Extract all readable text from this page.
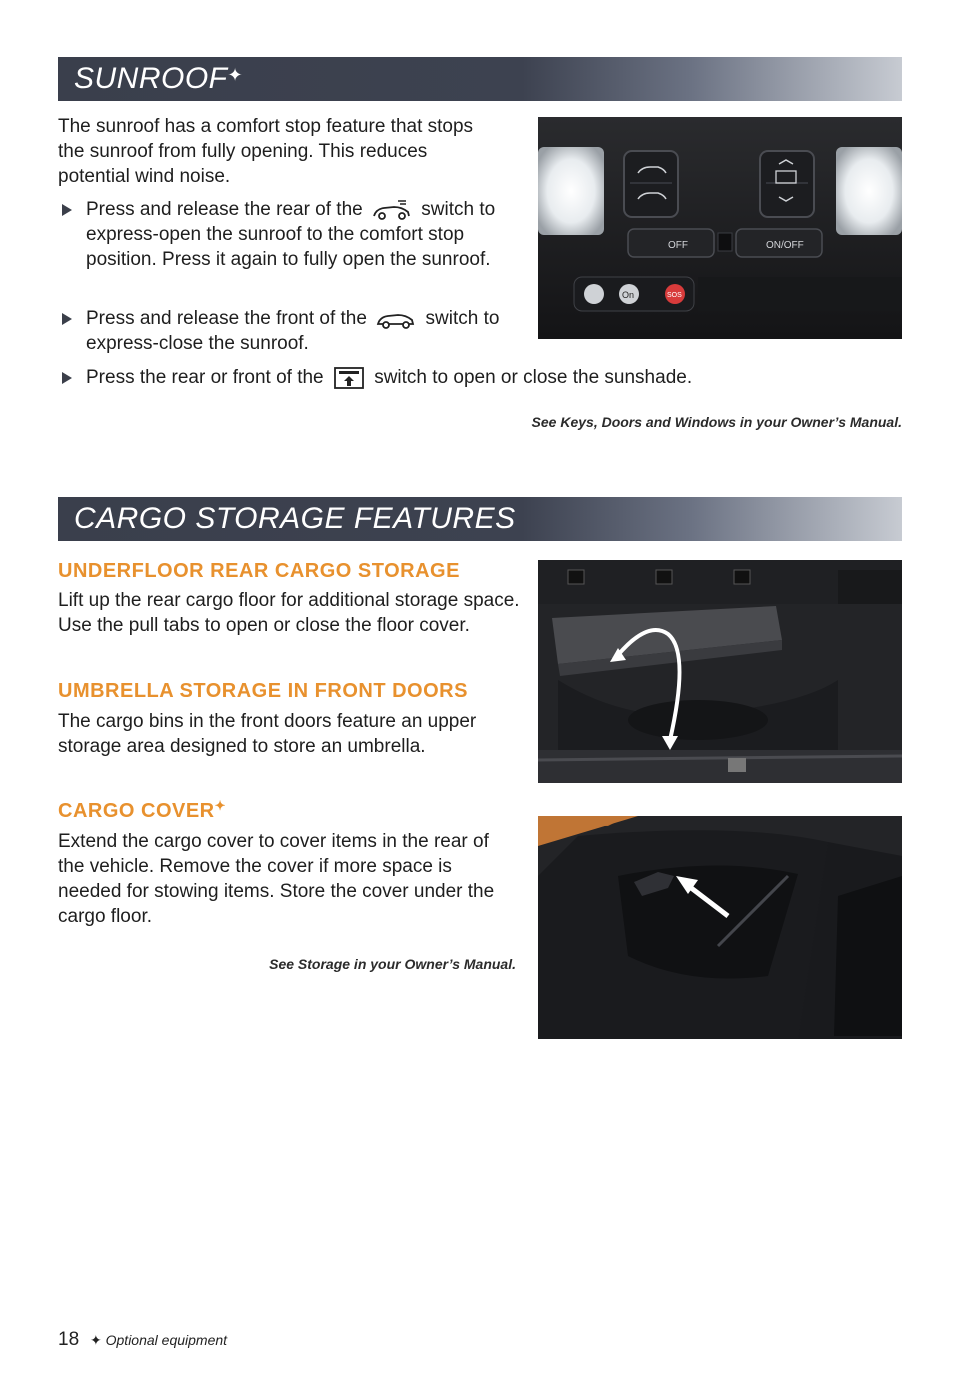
SUNROOF✦
The sunroof has a comfort stop feature that stops the sunroof from fully opening. This reduces potential wind noise.
Press and release the rear of the	switch to express-open the sunroof to the comfort stop position. Press it again to fully open the sunroof.
Press and release the front of the	switch to express-close the sunroof.
Press the rear or front of the	switch to open or close the sunshade.
See Keys, Doors and Windows in your Owner’s Manual.
OFF	ON/OFF
On	SOS
CARGO STORAGE FEATURES
UNDERFLOOR REAR CARGO STORAGE
Lift up the rear cargo floor for additional storage space. Use the pull tabs to open or close the floor cover.
UMBRELLA STORAGE IN FRONT DOORS
The cargo bins in the front doors feature an upper storage area designed to store an umbrella.
CARGO COVER✦
Extend the cargo cover to cover items in the rear of the vehicle. Remove the cover if more space is needed for stowing items. Store the cover under the cargo floor.
See Storage in your Owner’s Manual.
18 ✦ Optional equipment
